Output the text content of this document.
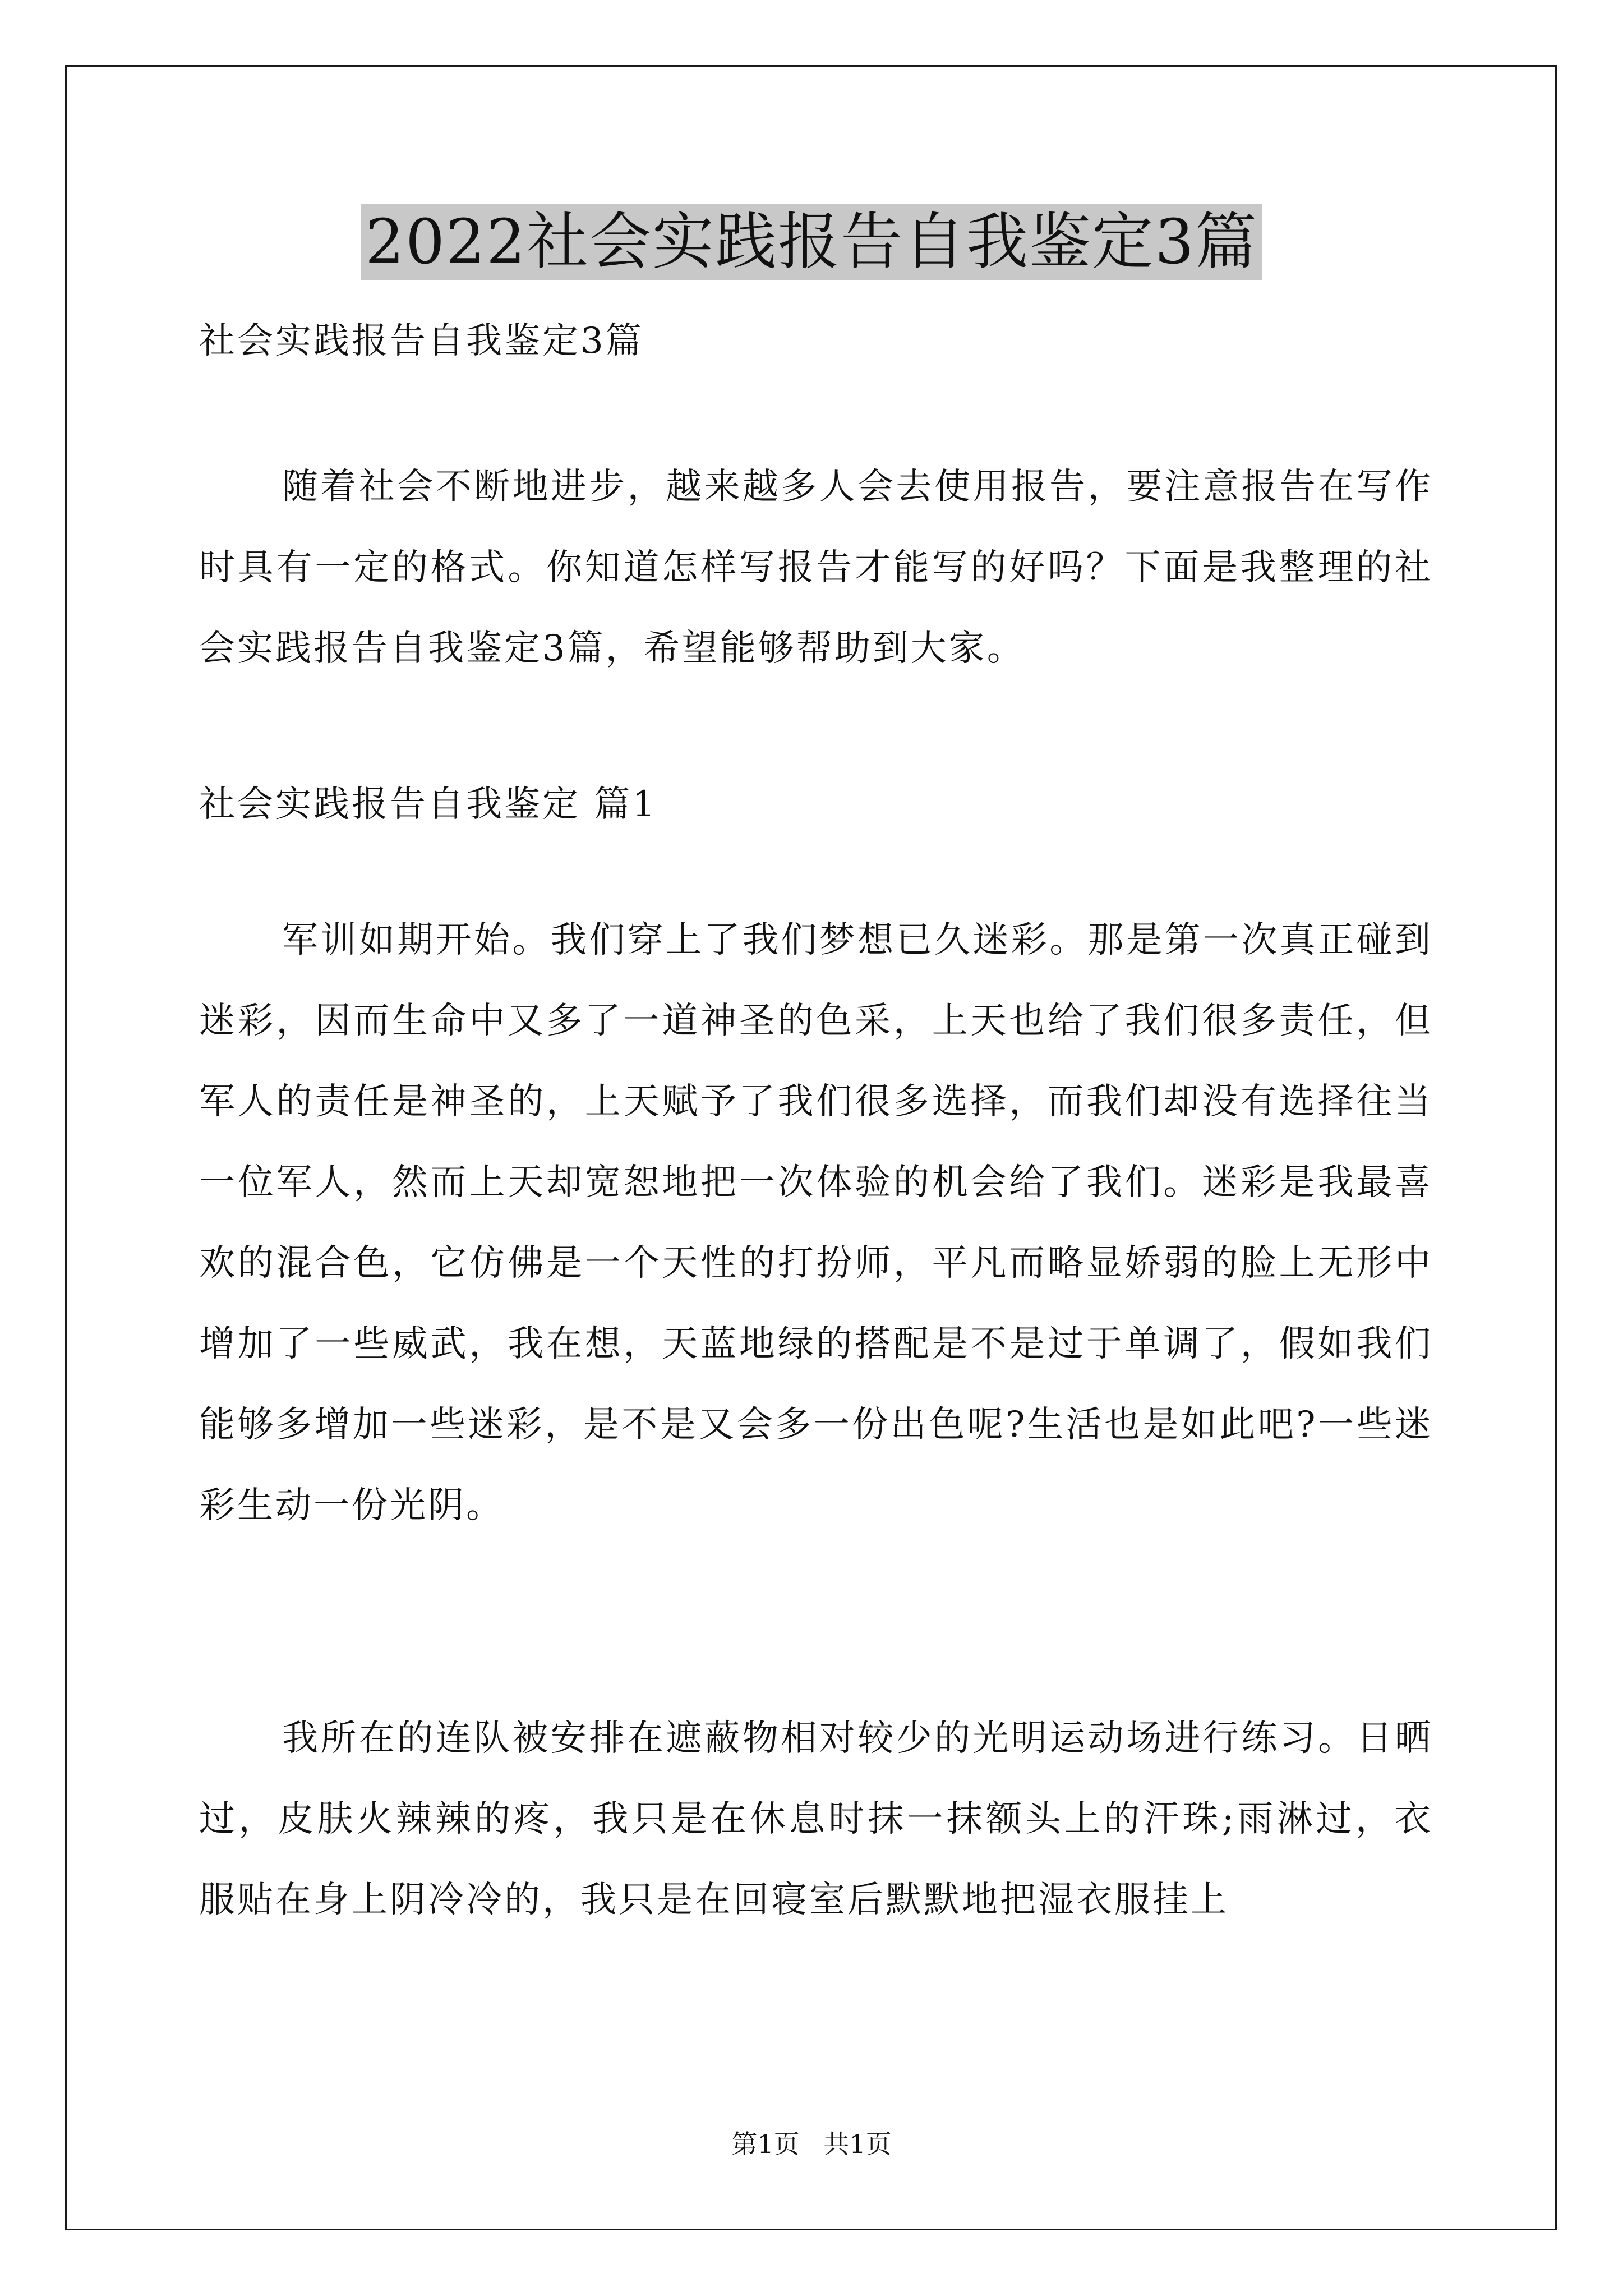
2022社会实践报告自我鉴定3篇

社会实践报告自我鉴定3篇

随着社会不断地进步，越来越多人会去使用报告，要注意报告在写作时具有一定的格式。你知道怎样写报告才能写的好吗？下面是我整理的社会实践报告自我鉴定3篇，希望能够帮助到大家。

社会实践报告自我鉴定 篇1

军训如期开始。我们穿上了我们梦想已久迷彩。那是第一次真正碰到迷彩，因而生命中又多了一道神圣的色采，上天也给了我们很多责任，但军人的责任是神圣的，上天赋予了我们很多选择，而我们却没有选择往当一位军人，然而上天却宽恕地把一次体验的机会给了我们。迷彩是我最喜欢的混合色，它仿佛是一个天性的打扮师，平凡而略显娇弱的脸上无形中增加了一些威武，我在想，天蓝地绿的搭配是不是过于单调了，假如我们能够多增加一些迷彩，是不是又会多一份出色呢?生活也是如此吧?一些迷彩生动一份光阴。

我所在的连队被安排在遮蔽物相对较少的光明运动场进行练习。日晒过，皮肤火辣辣的疼，我只是在休息时抹一抹额头上的汗珠;雨淋过，衣服贴在身上阴冷冷的，我只是在回寝室后默默地把湿衣服挂上

第1页 共1页
